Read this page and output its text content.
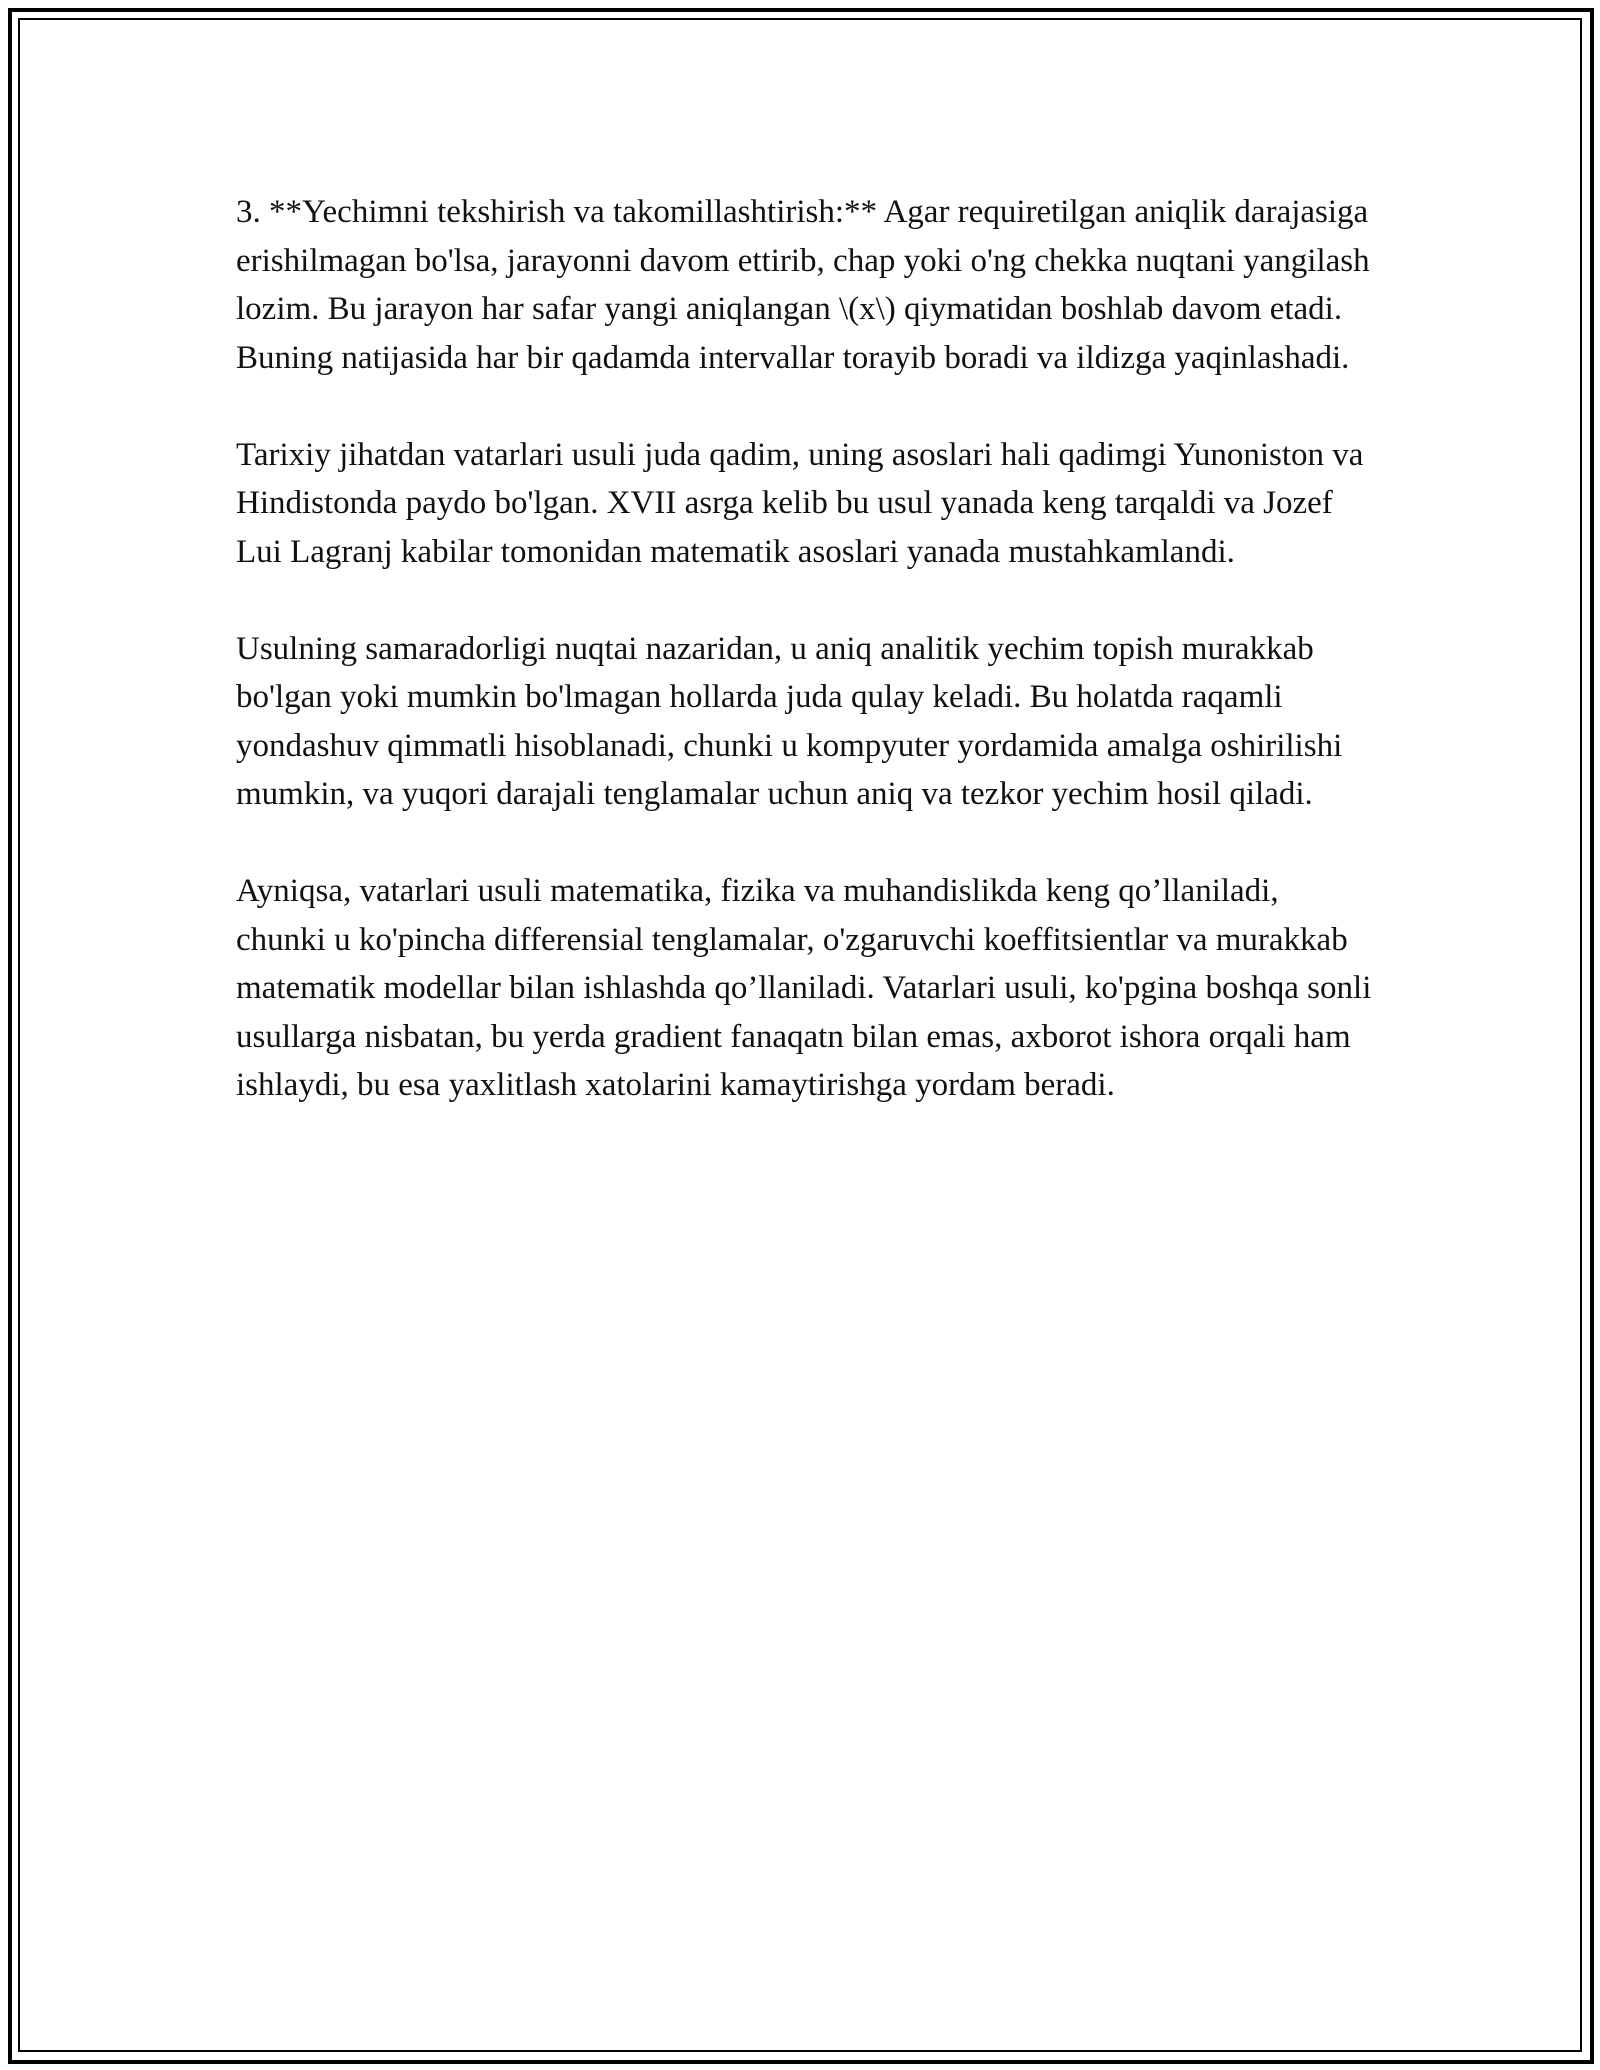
3. **Yechimni tekshirish va takomillashtirish:** Agar requiretilgan aniqlik darajasiga erishilmagan bo'lsa, jarayonni davom ettirib, chap yoki o'ng chekka nuqtani yangilash lozim. Bu jarayon har safar yangi aniqlangan \(x\) qiymatidan boshlab davom etadi. Buning natijasida har bir qadamda intervallar torayib boradi va ildizga yaqinlashadi.

Tarixiy jihatdan vatarlari usuli juda qadim, uning asoslari hali qadimgi Yunoniston va Hindistonda paydo bo'lgan. XVII asrga kelib bu usul yanada keng tarqaldi va Jozef Lui Lagranj kabilar tomonidan matematik asoslari yanada mustahkamlandi.

Usulning samaradorligi nuqtai nazaridan, u aniq analitik yechim topish murakkab bo'lgan yoki mumkin bo'lmagan hollarda juda qulay keladi. Bu holatda raqamli yondashuv qimmatli hisoblanadi, chunki u kompyuter yordamida amalga oshirilishi mumkin, va yuqori darajali tenglamalar uchun aniq va tezkor yechim hosil qiladi.

Ayniqsa, vatarlari usuli matematika, fizika va muhandislikda keng qo’llaniladi, chunki u ko'pincha differensial tenglamalar, o'zgaruvchi koeffitsientlar va murakkab matematik modellar bilan ishlashda qo’llaniladi. Vatarlari usuli, ko'pgina boshqa sonli usullarga nisbatan, bu yerda gradient fanaqatn bilan emas, axborot ishora orqali ham ishlaydi, bu esa yaxlitlash xatolarini kamaytirishga yordam beradi.
